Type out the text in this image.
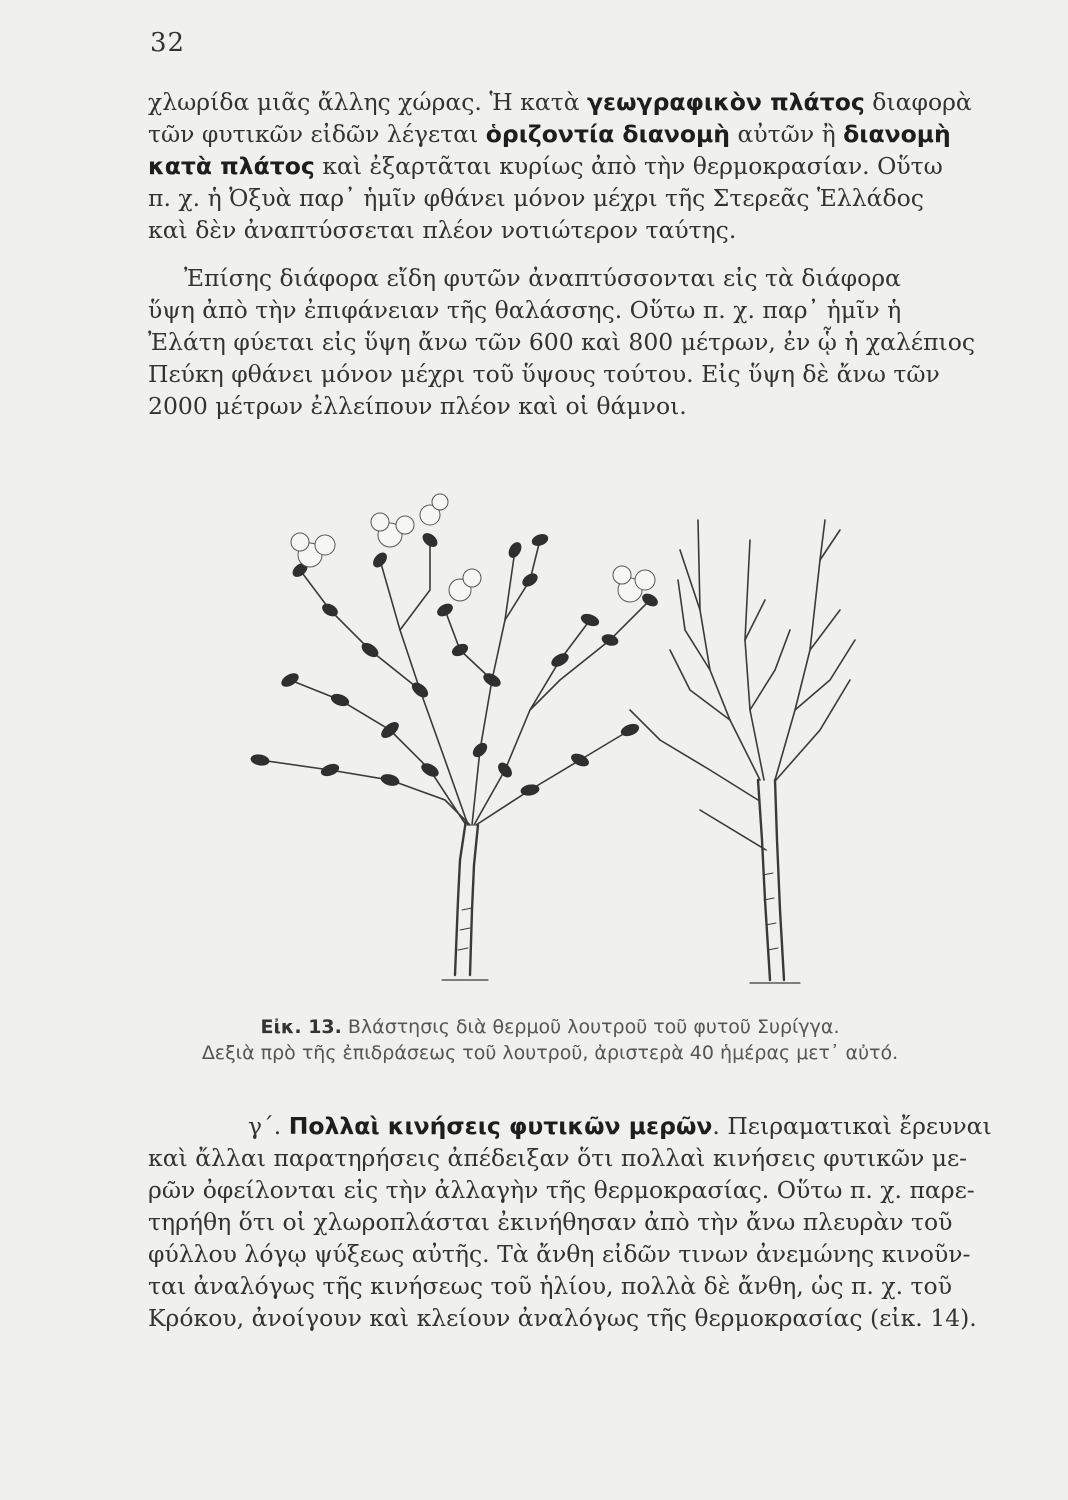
32
χλωρίδα μιᾶς ἄλλης χώρας. Ἡ κατὰ γεωγραφικὸν πλάτος διαφορὰ
τῶν φυτικῶν εἰδῶν λέγεται ὁριζοντία διανομὴ αὐτῶν ἢ διανομὴ
κατὰ πλάτος καὶ ἐξαρτᾶται κυρίως ἀπὸ τὴν θερμοκρασίαν. Οὕτω
π. χ. ἡ Ὀξυὰ παρ᾽ ἡμῖν φθάνει μόνον μέχρι τῆς Στερεᾶς Ἑλλάδος
καὶ δὲν ἀναπτύσσεται πλέον νοτιώτερον ταύτης.
Ἐπίσης διάφορα εἴδη φυτῶν ἀναπτύσσονται εἰς τὰ διάφορα
ὕψη ἀπὸ τὴν ἐπιφάνειαν τῆς θαλάσσης. Οὕτω π. χ. παρ᾽ ἡμῖν ἡ
Ἐλάτη φύεται εἰς ὕψη ἄνω τῶν 600 καὶ 800 μέτρων, ἐν ᾧ ἡ χαλέπιος
Πεύκη φθάνει μόνον μέχρι τοῦ ὕψους τούτου. Εἰς ὕψη δὲ ἄνω τῶν
2000 μέτρων ἐλλείπουν πλέον καὶ οἱ θάμνοι.
Εἰκ. 13. Βλάστησις διὰ θερμοῦ λουτροῦ τοῦ φυτοῦ Συρίγγα.
Δεξιὰ πρὸ τῆς ἐπιδράσεως τοῦ λουτροῦ, ἀριστερὰ 40 ἡμέρας μετ᾽ αὐτό.
γ΄. Πολλαὶ κινήσεις φυτικῶν μερῶν. Πειραματικαὶ ἔρευναι
καὶ ἄλλαι παρατηρήσεις ἀπέδειξαν ὅτι πολλαὶ κινήσεις φυτικῶν με-
ρῶν ὀφείλονται εἰς τὴν ἀλλαγὴν τῆς θερμοκρασίας. Οὕτω π. χ. παρε-
τηρήθη ὅτι οἱ χλωροπλάσται ἐκινήθησαν ἀπὸ τὴν ἄνω πλευρὰν τοῦ
φύλλου λόγῳ ψύξεως αὐτῆς. Τὰ ἄνθη εἰδῶν τινων ἀνεμώνης κινοῦν-
ται ἀναλόγως τῆς κινήσεως τοῦ ἡλίου, πολλὰ δὲ ἄνθη, ὡς π. χ. τοῦ
Κρόκου, ἀνοίγουν καὶ κλείουν ἀναλόγως τῆς θερμοκρασίας (εἰκ. 14).
